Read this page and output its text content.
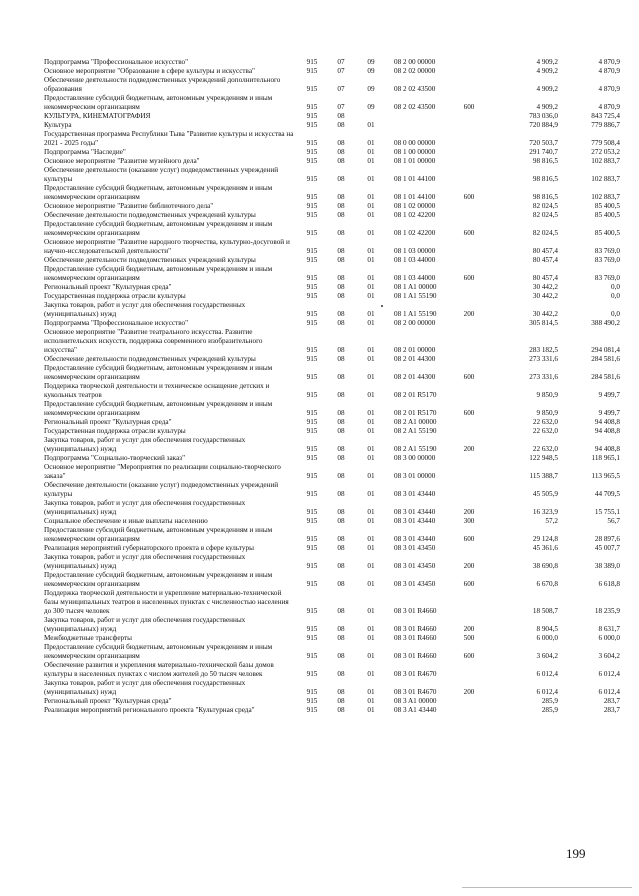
Подпрограмма "Профессиональное искусство"	915	07	09	08 2 00 00000	4 909,2	4 870,9
Основное мероприятие "Образование в сфере культуры и искусства"	915	07	09	08 2 02 00000	4 909,2	4 870,9
Обеспечение деятельности подведомственных учреждений дополнительного образования	915	07	09	08 2 02 43500	4 909,2	4 870,9
Предоставление субсидий бюджетным, автономным учреждениям и иным некоммерческим организациям	915	07	09	08 2 02 43500	600	4 909,2	4 870,9
КУЛЬТУРА, КИНЕМАТОГРАФИЯ	915	08	783 036,0	843 725,4
Культура	915	08	01	720 884,9	779 886,7
Государственная программа Республики Тыва "Развитие культуры и искусства на 2021 - 2025 годы"	915	08	01	08 0 00 00000	720 503,7	779 508,4
Подпрограмма "Наследие"	915	08	01	08 1 00 00000	291 740,7	272 053,2
Основное мероприятие "Развитие музейного дела"	915	08	01	08 1 01 00000	98 816,5	102 883,7
Обеспечение деятельности (оказание услуг) подведомственных учреждений культуры	915	08	01	08 1 01 44100	98 816,5	102 883,7
Предоставление субсидий бюджетным, автономным учреждениям и иным некоммерческим организациям	915	08	01	08 1 01 44100	600	98 816,5	102 883,7
Основное мероприятие "Развитие библиотечного дела"	915	08	01	08 1 02 00000	82 024,5	85 400,5
Обеспечение деятельности подведомственных учреждений культуры	915	08	01	08 1 02 42200	82 024,5	85 400,5
Предоставление субсидий бюджетным, автономным учреждениям и иным некоммерческим организациям	915	08	01	08 1 02 42200	600	82 024,5	85 400,5
Основное мероприятие "Развитие народного творчества, культурно-досуговой и научно-исследовательской деятельности"	915	08	01	08 1 03 00000	80 457,4	83 769,0
Обеспечение деятельности подведомственных учреждений культуры	915	08	01	08 1 03 44000	80 457,4	83 769,0
Предоставление субсидий бюджетным, автономным учреждениям и иным некоммерческим организациям	915	08	01	08 1 03 44000	600	80 457,4	83 769,0
Региональный проект "Культурная среда"	915	08	01	08 1 A1 00000	30 442,2	0,0
Государственная поддержка отрасли культуры	915	08	01	08 1 A1 55190	30 442,2	0,0
Закупка товаров, работ и услуг для обеспечения государственных (муниципальных) нужд	915	08	01	08 1 A1 55190	200	30 442,2	0,0
Подпрограмма "Профессиональное искусство"	915	08	01	08 2 00 00000	305 814,5	388 490,2
Основное мероприятие "Развитие театрального искусства. Развитие исполнительских искусств, поддержка современного изобразительного искусства"	915	08	01	08 2 01 00000	283 182,5	294 081,4
Обеспечение деятельности подведомственных учреждений культуры	915	08	01	08 2 01 44300	273 331,6	284 581,6
Предоставление субсидий бюджетным, автономным учреждениям и иным некоммерческим организациям	915	08	01	08 2 01 44300	600	273 331,6	284 581,6
Поддержка творческой деятельности и техническое оснащение детских и кукольных театров	915	08	01	08 2 01 R5170	9 850,9	9 499,7
Предоставление субсидий бюджетным, автономным учреждениям и иным некоммерческим организациям	915	08	01	08 2 01 R5170	600	9 850,9	9 499,7
Региональный проект "Культурная среда"	915	08	01	08 2 A1 00000	22 632,0	94 408,8
Государственная поддержка отрасли культуры	915	08	01	08 2 A1 55190	22 632,0	94 408,8
Закупка товаров, работ и услуг для обеспечения государственных (муниципальных) нужд	915	08	01	08 2 A1 55190	200	22 632,0	94 408,8
Подпрограмма "Социально-творческий заказ"	915	08	01	08 3 00 00000	122 948,5	118 965,1
Основное мероприятие "Мероприятия по реализации социально-творческого заказа"	915	08	01	08 3 01 00000	115 388,7	113 965,5
Обеспечение деятельности (оказание услуг) подведомственных учреждений культуры	915	08	01	08 3 01 43440	45 505,9	44 709,5
Закупка товаров, работ и услуг для обеспечения государственных (муниципальных) нужд	915	08	01	08 3 01 43440	200	16 323,9	15 755,1
Социальное обеспечение и иные выплаты населению	915	08	01	08 3 01 43440	300	57,2	56,7
Предоставление субсидий бюджетным, автономным учреждениям и иным некоммерческим организациям	915	08	01	08 3 01 43440	600	29 124,8	28 897,6
Реализация мероприятий губернаторского проекта в сфере культуры	915	08	01	08 3 01 43450	45 361,6	45 007,7
Закупка товаров, работ и услуг для обеспечения государственных (муниципальных) нужд	915	08	01	08 3 01 43450	200	38 690,8	38 389,0
Предоставление субсидий бюджетным, автономным учреждениям и иным некоммерческим организациям	915	08	01	08 3 01 43450	600	6 670,8	6 618,8
Поддержка творческой деятельности и укрепление материально-технической базы муниципальных театров в населенных пунктах с численностью населения до 300 тысяч человек	915	08	01	08 3 01 R4660	18 508,7	18 235,9
Закупка товаров, работ и услуг для обеспечения государственных (муниципальных) нужд	915	08	01	08 3 01 R4660	200	8 904,5	8 631,7
Межбюджетные трансферты	915	08	01	08 3 01 R4660	500	6 000,0	6 000,0
Предоставление субсидий бюджетным, автономным учреждениям и иным некоммерческим организациям	915	08	01	08 3 01 R4660	600	3 604,2	3 604,2
Обеспечение развития и укрепления материально-технической базы домов культуры в населенных пунктах с числом жителей до 50 тысяч человек	915	08	01	08 3 01 R4670	6 012,4	6 012,4
Закупка товаров, работ и услуг для обеспечения государственных (муниципальных) нужд	915	08	01	08 3 01 R4670	200	6 012,4	6 012,4
Региональный проект "Культурная среда"	915	08	01	08 3 A1 00000	285,9	283,7
Реализация мероприятий регионального проекта "Культурная среда"	915	08	01	08 3 A1 43440	285,9	283,7
199
